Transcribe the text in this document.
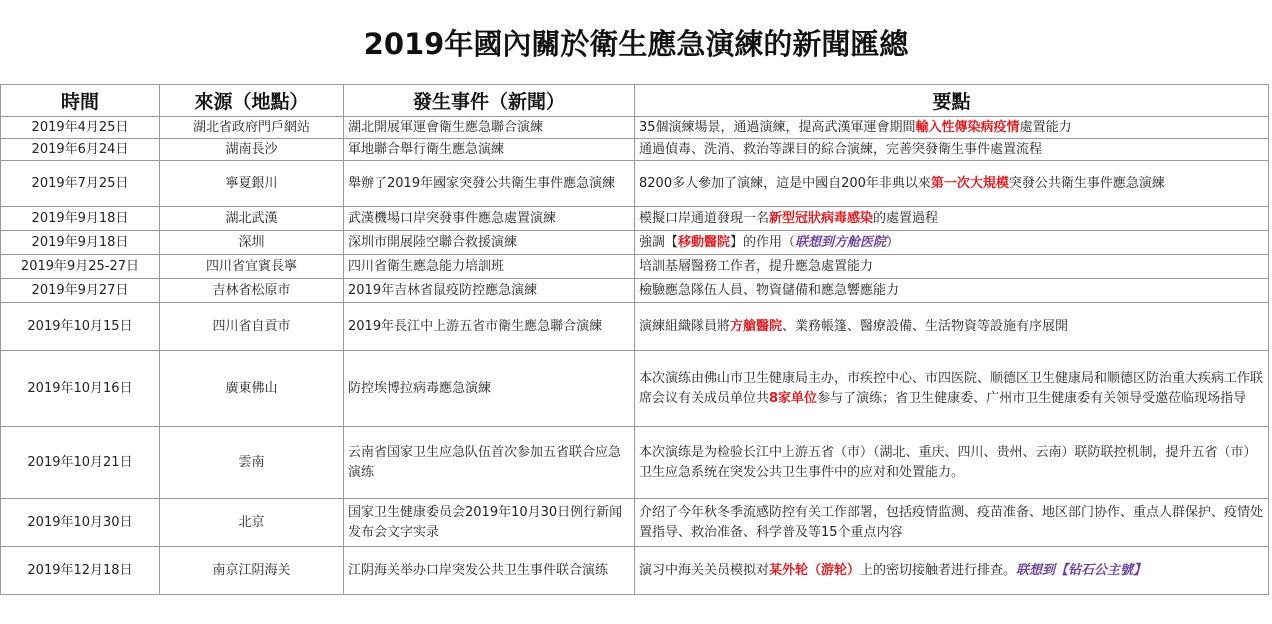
2019年國內關於衛生應急演練的新聞匯總
時間	來源（地點）	發生事件（新聞）	要點
2019年4月25日	湖北省政府門戶網站	湖北開展軍運會衛生應急聯合演練	35個演練場景，通過演練，提高武漢軍運會期間輸入性傳染病疫情處置能力
2019年6月24日	湖南長沙	軍地聯合舉行衛生應急演練	通過偵毒、洗消、救治等課目的綜合演練，完善突發衛生事件處置流程
2019年7月25日	寧夏銀川	舉辦了2019年國家突發公共衛生事件應急演練	8200多人參加了演練，這是中國自200年非典以來第一次大規模突發公共衛生事件應急演練
2019年9月18日	湖北武漢	武漢機場口岸突發事件應急處置演練	模擬口岸通道發現一名新型冠狀病毒感染的處置過程
2019年9月18日	深圳	深圳市開展陸空聯合救援演練	強調【移動醫院】的作用（联想到方舱医院）
2019年9月25-27日	四川省宜賓長寧	四川省衛生應急能力培訓班	培訓基層醫務工作者，提升應急處置能力
2019年9月27日	吉林省松原市	2019年吉林省鼠疫防控應急演練	檢驗應急隊伍人員、物資儲備和應急響應能力
2019年10月15日	四川省自貢市	2019年長江中上游五省市衛生應急聯合演練	演練組織隊員將方艙醫院、業務帳篷、醫療設備、生活物資等設施有序展開
2019年10月16日	廣東佛山	防控埃博拉病毒應急演練	本次演练由佛山市卫生健康局主办，市疾控中心、市四医院、顺德区卫生健康局和顺德区防治重大疾病工作联席会议有关成员单位共8家单位参与了演练；省卫生健康委、广州市卫生健康委有关领导受邀莅临现场指导
2019年10月21日	雲南	云南省国家卫生应急队伍首次参加五省联合应急演练	本次演练是为检验长江中上游五省（市）（湖北、重庆、四川、贵州、云南）联防联控机制，提升五省（市）卫生应急系统在突发公共卫生事件中的应对和处置能力。
2019年10月30日	北京	国家卫生健康委员会2019年10月30日例行新闻发布会文字实录	介绍了今年秋冬季流感防控有关工作部署，包括疫情监测、疫苗准备、地区部门协作、重点人群保护、疫情处置指导、救治准备、科学普及等15个重点内容
2019年12月18日	南京江阴海关	江阴海关举办口岸突发公共卫生事件联合演练	演习中海关关员模拟对某外轮（游轮）上的密切接触者进行排查。联想到【钻石公主號】
